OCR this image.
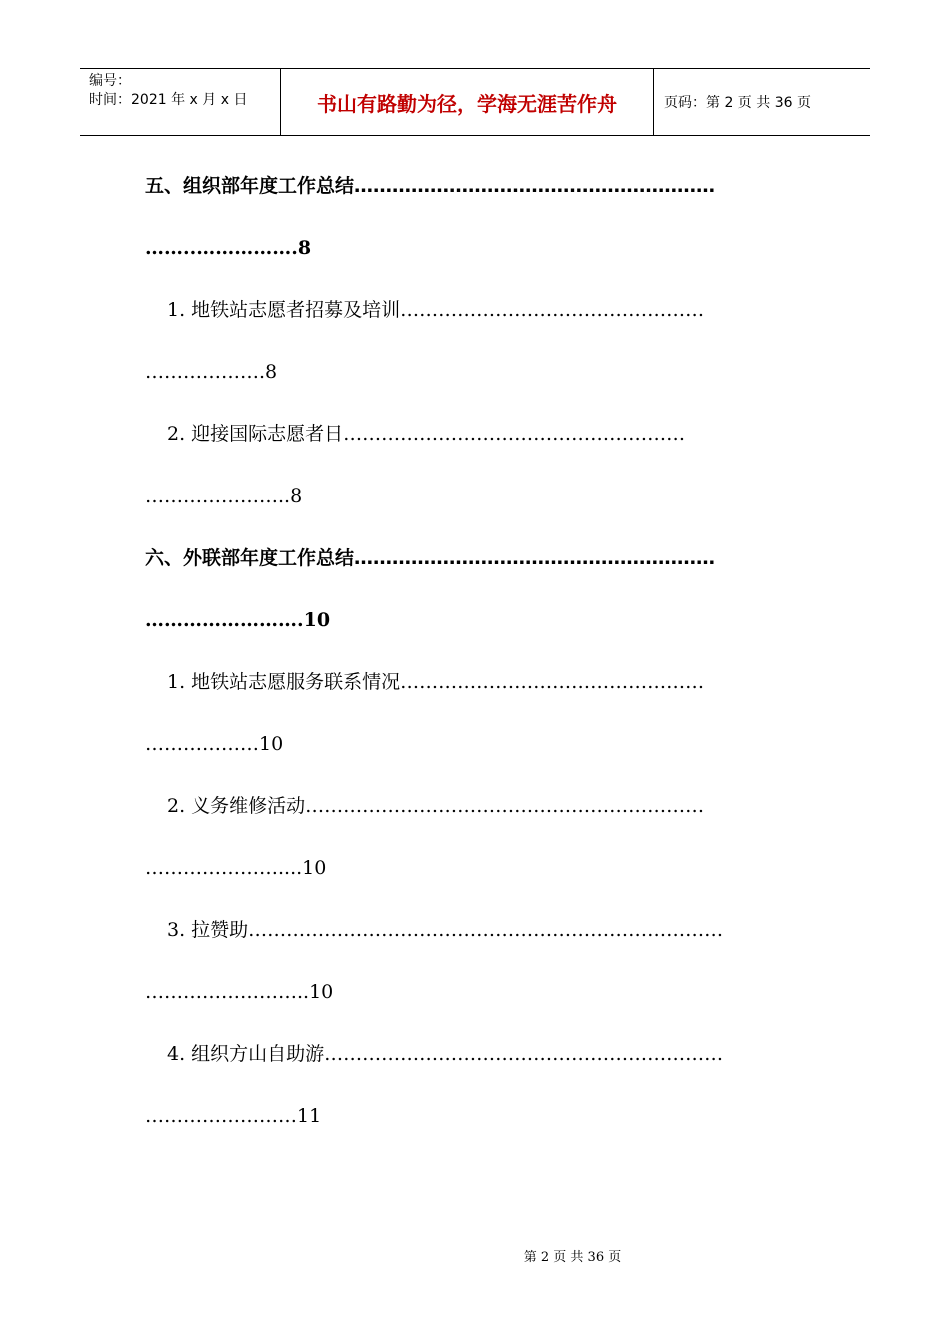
编号：
时间：2021 年 x 月 x 日	书山有路勤为径，学海无涯苦作舟	页码：第 2 页 共 36 页
五、组织部年度工作总结…………………………………………………
……..…………….8
1. 地铁站志愿者招募及培训…………………………………………
……………….8
2. 迎接国际志愿者日………………………………………………
…………………..8
六、外联部年度工作总结…………………………………………………
…………………….10
1. 地铁站志愿服务联系情况…………………………………………
………………10
2. 义务维修活动………………………………………………………
…………………....10
3. 拉赞助…………………………………………………………………
……………………..10
4. 组织方山自助游………………………………………………………
……………………11
第 2 页 共 36 页
